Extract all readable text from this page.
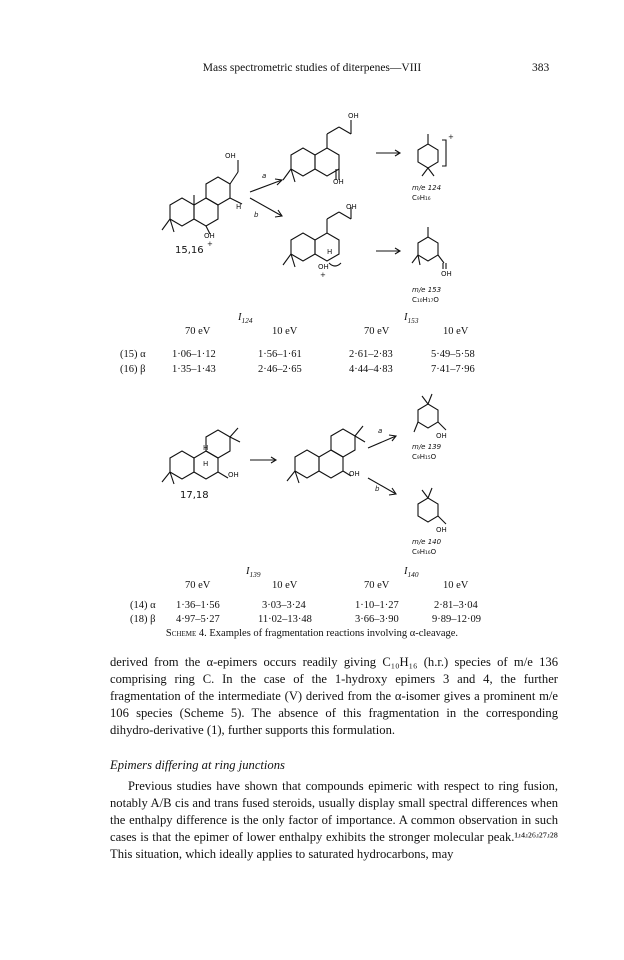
Mass spectrometric studies of diterpenes—VIII	383
OH
H
OH
+
15,16
a
b
OH
OH
+
m/e 124
C₉H₁₆
OH
H
OH
+	OH
m/e 153
C₁₀H₁₇O
$I_{124}$	$I_{153}$
70 eV	10 eV	70 eV	10 eV
(15) α	1·06–1·12	1·56–1·61	2·61–2·83	5·49–5·58
(16) β	1·35–1·43	2·46–2·65	4·44–4·83	7·41–7·96
H
H
OH
17,18
OH
a
b
OH
m/e 139
C₉H₁₅O
OH
m/e 140
C₉H₁₆O
$I_{139}$	$I_{140}$
70 eV	10 eV	70 eV	10 eV
(14) α 1·36–1·56	3·03–3·24	1·10–1·27	2·81–3·04
(18) β 4·97–5·27	11·02–13·48	3·66–3·90	9·89–12·09
Scheme 4. Examples of fragmentation reactions involving α-cleavage.

derived from the α-epimers occurs readily giving C₁₀H₁₆ (h.r.) species of m/e 136 comprising ring C. In the case of the 1-hydroxy epimers 3 and 4, the further fragmentation of the intermediate (V) derived from the α-isomer gives a prominent m/e 106 species (Scheme 5). The absence of this fragmentation in the corresponding dihydro-derivative (1), further supports this formulation.

Epimers differing at ring junctions

Previous studies have shown that compounds epimeric with respect to ring fusion, notably A/B cis and trans fused steroids, usually display small spectral differences when the enthalpy difference is the only factor of importance. A common observation in such cases is that the epimer of lower enthalpy exhibits the stronger molecular peak.¹ʴ⁴ʴ²⁶ʴ²⁷ʴ²⁸ This situation, which ideally applies to saturated hydrocarbons, may
